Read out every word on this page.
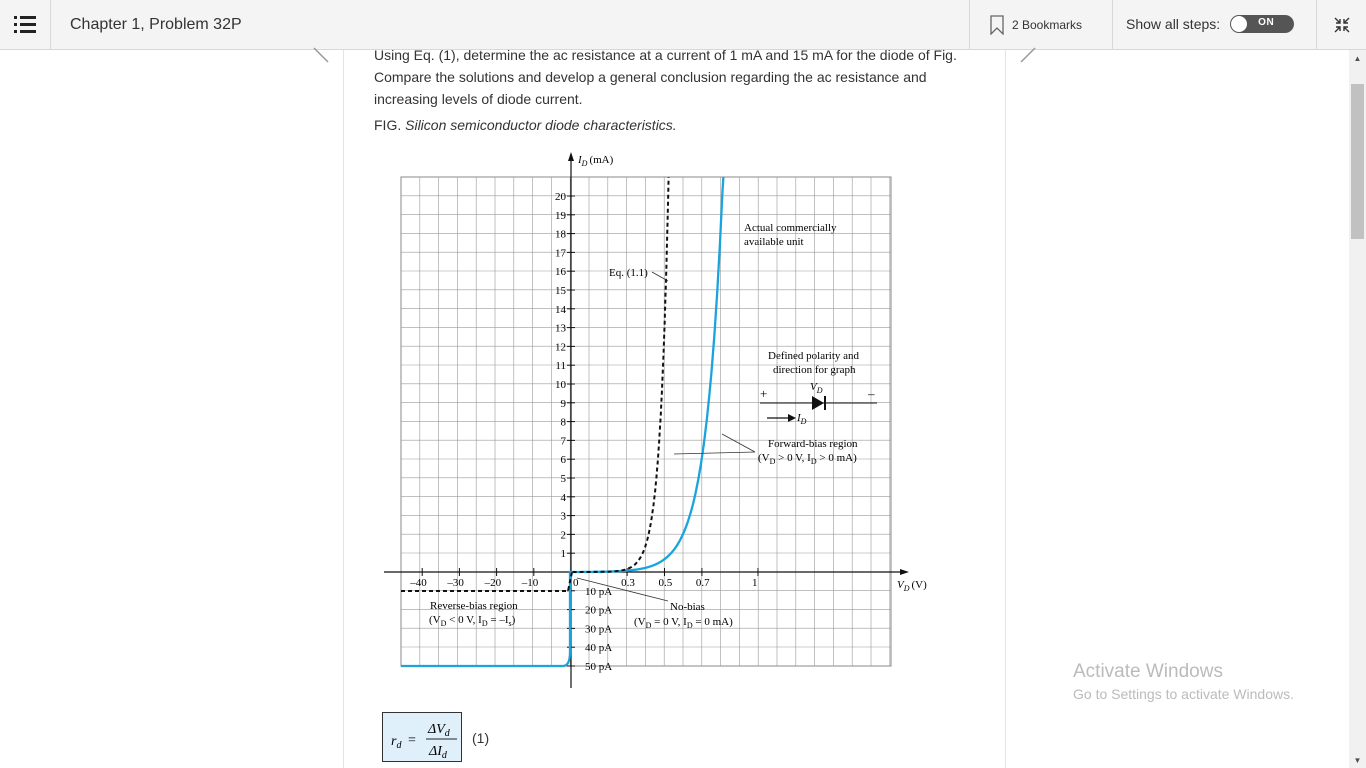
Chapter 1, Problem 32P	2 Bookmarks	Show all steps:	ON
Using Eq. (1), determine the ac resistance at a current of 1 mA and 15 mA for the diode of Fig. Compare the solutions and develop a general conclusion regarding the ac resistance and increasing levels of diode current.
FIG. Silicon semiconductor diode characteristics.
1
2
3
4
5
6
7
8
9
10
11
12
13
14
15
16
17
18
19
20
0	0.3 0.5 0.7	1
–40 –30 –20 –10
10 pA
20 pA
30 pA
40 pA
50 pA
$I_D$ (mA)
$V_D$ (V)
Eq. (1.1)
Actual commercially
available unit
Defined polarity and
direction for graph
+	–
$V_D$
$I_D$
Forward-bias region
($V_D > 0$ V, $I_D > 0$ mA)
Reverse-bias region
($V_D < 0$ V, $I_D = -I_s$)
No-bias
($V_D = 0$ V, $I_D = 0$ mA)
$r_d$ =
$\Delta V_d$
$\Delta I_d$
(1)
Activate Windows
Go to Settings to activate Windows.
▲
▼
